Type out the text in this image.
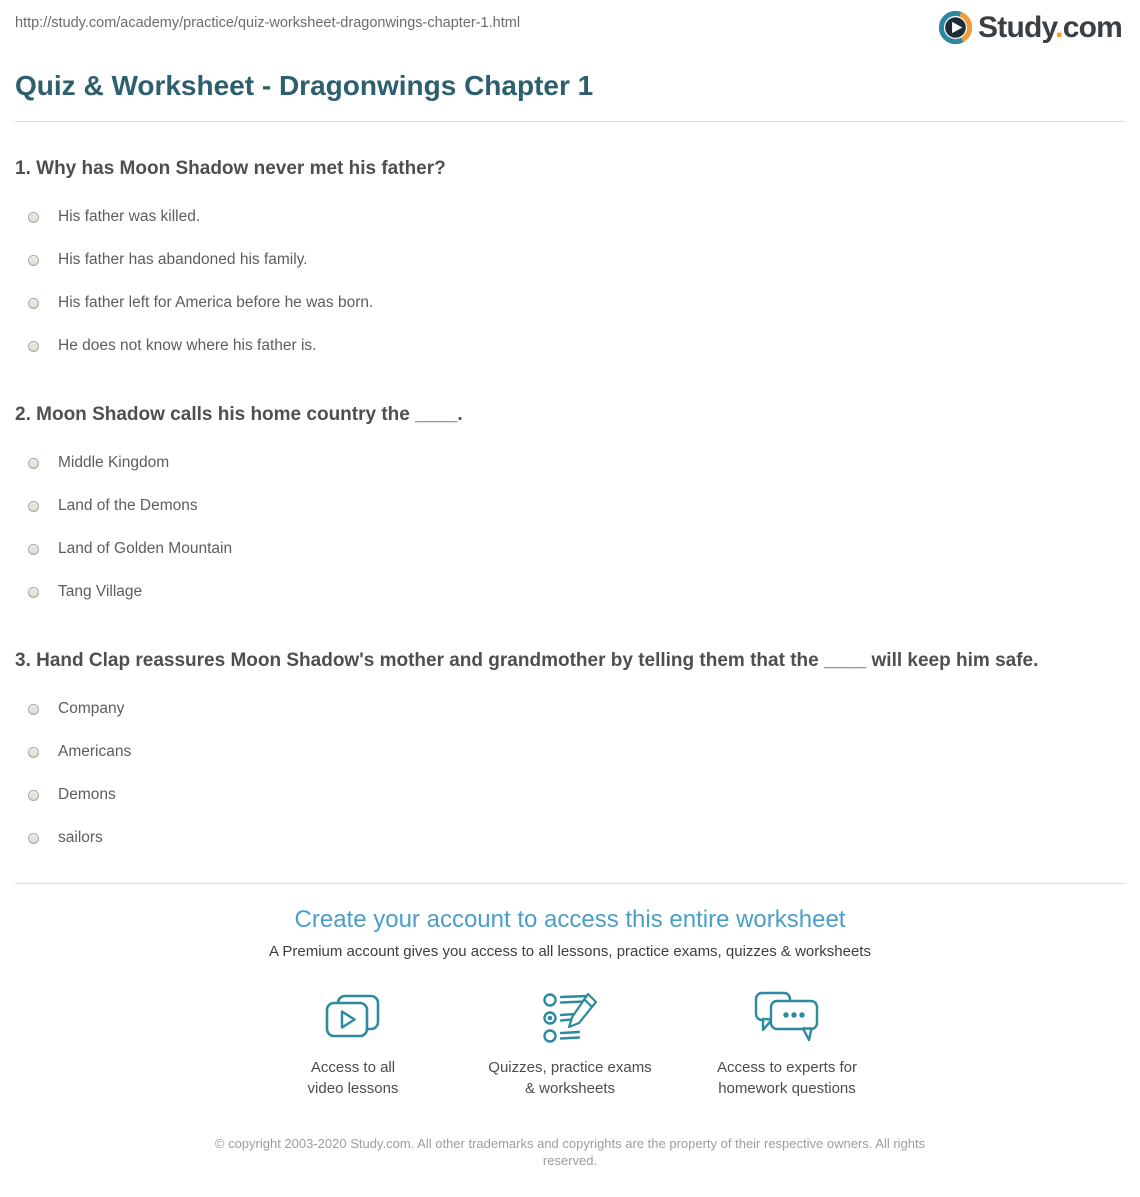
http://study.com/academy/practice/quiz-worksheet-dragonwings-chapter-1.html	Study.com
Quiz & Worksheet - Dragonwings Chapter 1
1. Why has Moon Shadow never met his father?
His father was killed.
His father has abandoned his family.
His father left for America before he was born.
He does not know where his father is.
2. Moon Shadow calls his home country the ____.
Middle Kingdom
Land of the Demons
Land of Golden Mountain
Tang Village
3. Hand Clap reassures Moon Shadow's mother and grandmother by telling them that the ____ will keep him safe.
Company
Americans
Demons
sailors
Create your account to access this entire worksheet

A Premium account gives you access to all lessons, practice exams, quizzes & worksheets

Access to all
video lessons
Quizzes, practice exams
& worksheets
Access to experts for
homework questions

© copyright 2003-2020 Study.com. All other trademarks and copyrights are the property of their respective owners. All rights reserved.
